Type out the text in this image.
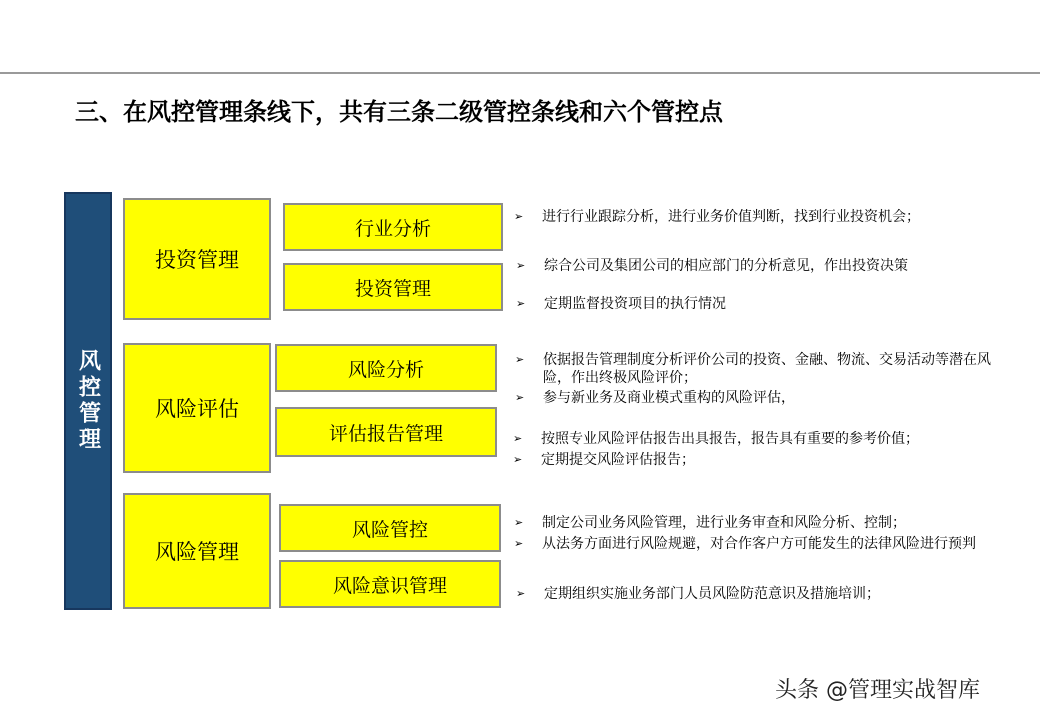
三、在风控管理条线下，共有三条二级管控条线和六个管控点
风控管理
投资管理
行业分析
投资管理
风险评估
风险分析
评估报告管理
风险管理
风险管控
风险意识管理
➢ 进行行业跟踪分析，进行业务价值判断，找到行业投资机会；
➢ 综合公司及集团公司的相应部门的分析意见，作出投资决策
➢ 定期监督投资项目的执行情况
➢ 依据报告管理制度分析评价公司的投资、金融、物流、交易活动等潜在风险，作出终极风险评价；
➢ 参与新业务及商业模式重构的风险评估，
➢ 按照专业风险评估报告出具报告，报告具有重要的参考价值；
➢ 定期提交风险评估报告；
➢ 制定公司业务风险管理，进行业务审查和风险分析、控制；
➢ 从法务方面进行风险规避，对合作客户方可能发生的法律风险进行预判
➢ 定期组织实施业务部门人员风险防范意识及措施培训；
头条 @管理实战智库
